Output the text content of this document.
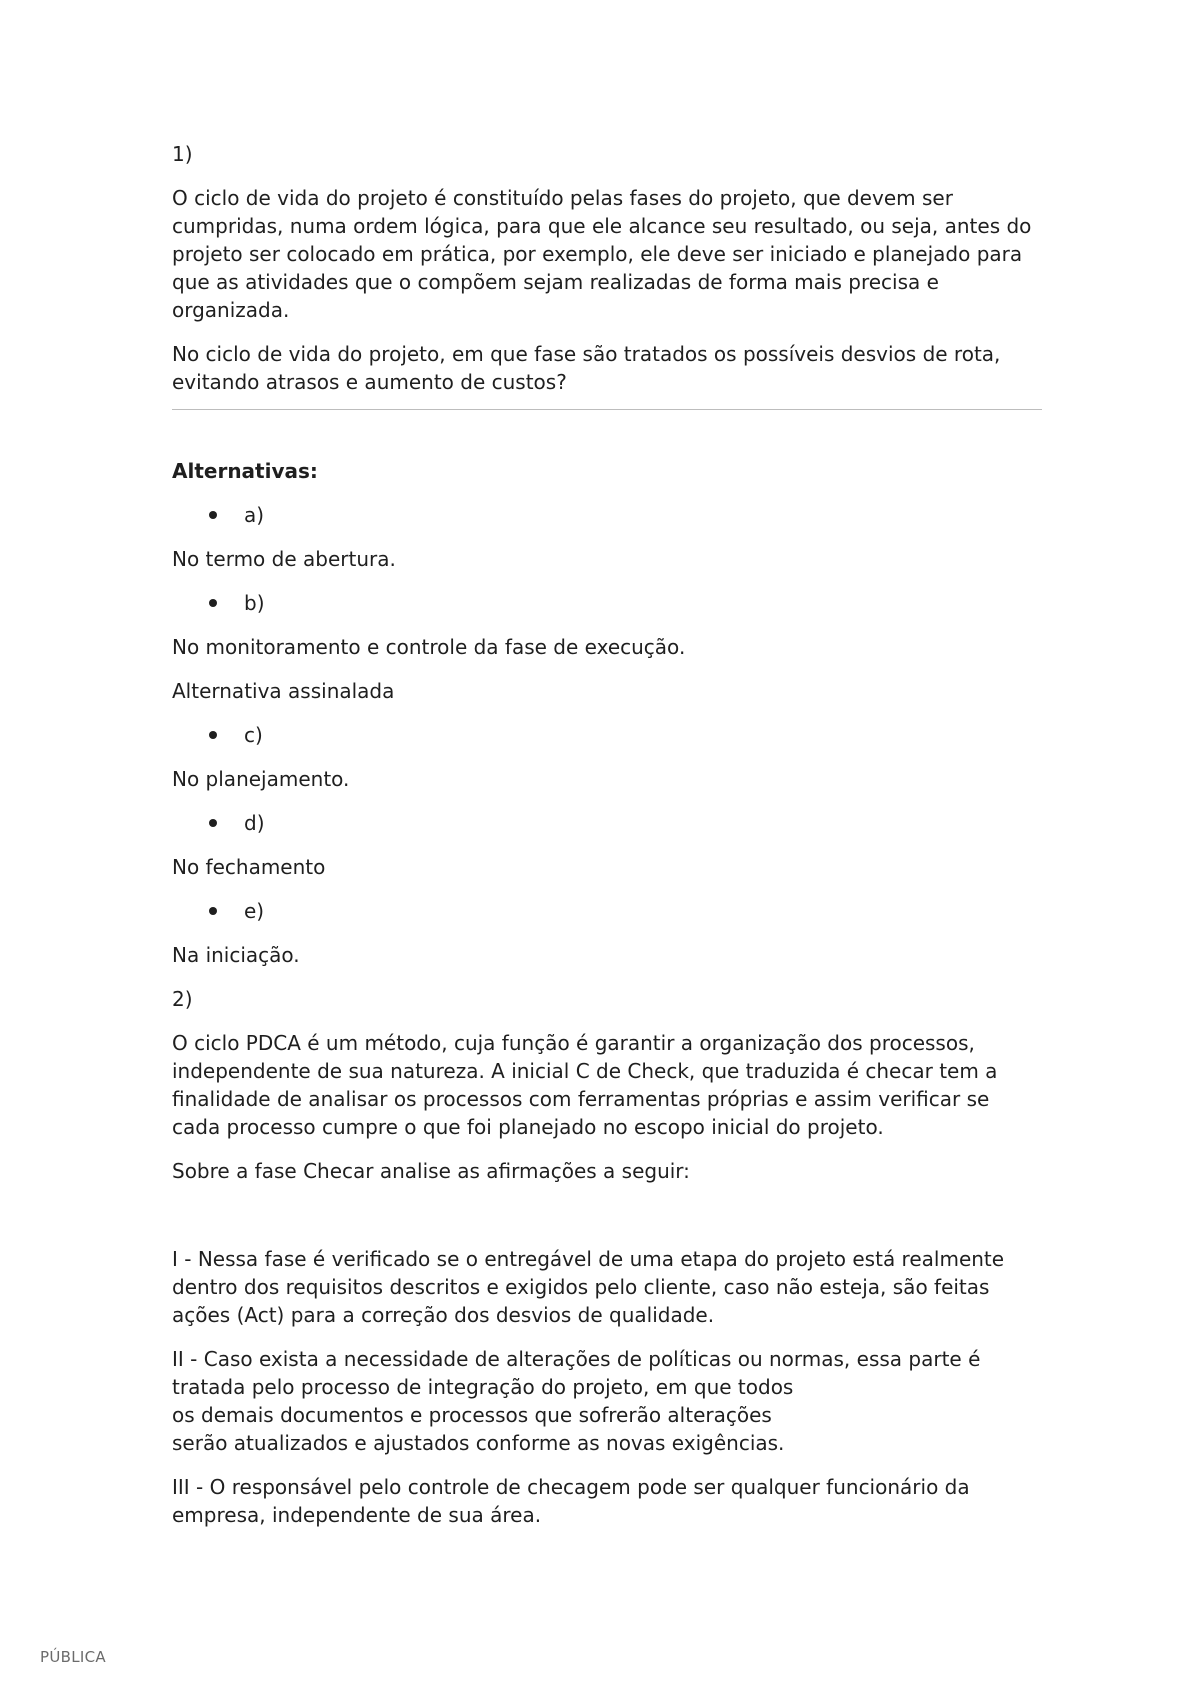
1)

O ciclo de vida do projeto é constituído pelas fases do projeto, que devem ser cumpridas, numa ordem lógica, para que ele alcance seu resultado, ou seja, antes do projeto ser colocado em prática, por exemplo, ele deve ser iniciado e planejado para que as atividades que o compõem sejam realizadas de forma mais precisa e organizada.

No ciclo de vida do projeto, em que fase são tratados os possíveis desvios de rota, evitando atrasos e aumento de custos?

Alternativas:

a)

No termo de abertura.

b)

No monitoramento e controle da fase de execução.

Alternativa assinalada

c)

No planejamento.

d)

No fechamento

e)

Na iniciação.

2)

O ciclo PDCA é um método, cuja função é garantir a organização dos processos, independente de sua natureza. A inicial C de Check, que traduzida é checar tem a finalidade de analisar os processos com ferramentas próprias e assim verificar se cada processo cumpre o que foi planejado no escopo inicial do projeto.

Sobre a fase Checar analise as afirmações a seguir:

I - Nessa fase é verificado se o entregável de uma etapa do projeto está realmente dentro dos requisitos descritos e exigidos pelo cliente, caso não esteja, são feitas ações (Act) para a correção dos desvios de qualidade.

II - Caso exista a necessidade de alterações de políticas ou normas, essa parte é tratada pelo processo de integração do projeto, em que todos
os demais documentos e processos que sofrerão alterações
serão atualizados e ajustados conforme as novas exigências.

III - O responsável pelo controle de checagem pode ser qualquer funcionário da empresa, independente de sua área.

PÚBLICA
